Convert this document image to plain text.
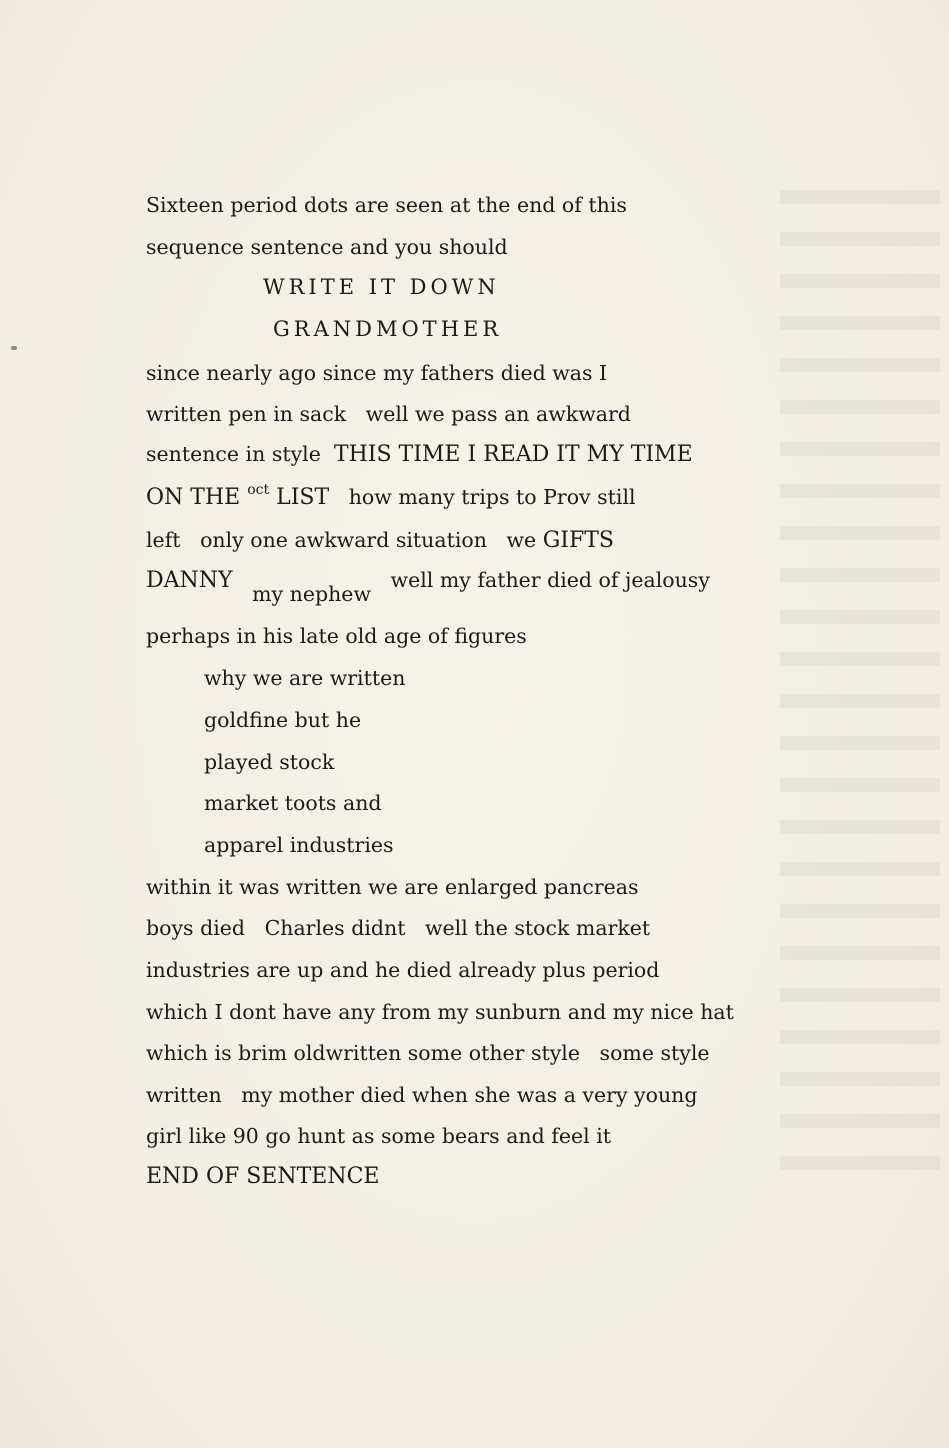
Sixteen period dots are seen at the end of this
sequence sentence and you should
WRITE IT DOWN
GRANDMOTHER
since nearly ago since my fathers died was I
written pen in sack   well we pass an awkward
sentence in style  THIS TIME I READ IT MY TIME
ON THE $^{oct}$ LIST   how many trips to Prov still
left   only one awkward situation   we GIFTS
DANNY   my nephew   well my father died of jealousy
perhaps in his late old age of figures
why we are written
goldfine but he
played stock
market toots and
apparel industries
within it was written we are enlarged pancreas
boys died   Charles didnt   well the stock market
industries are up and he died already plus period
which I dont have any from my sunburn and my nice hat
which is brim oldwritten some other style   some style
written   my mother died when she was a very young
girl like 90 go hunt as some bears and feel it
END OF SENTENCE
